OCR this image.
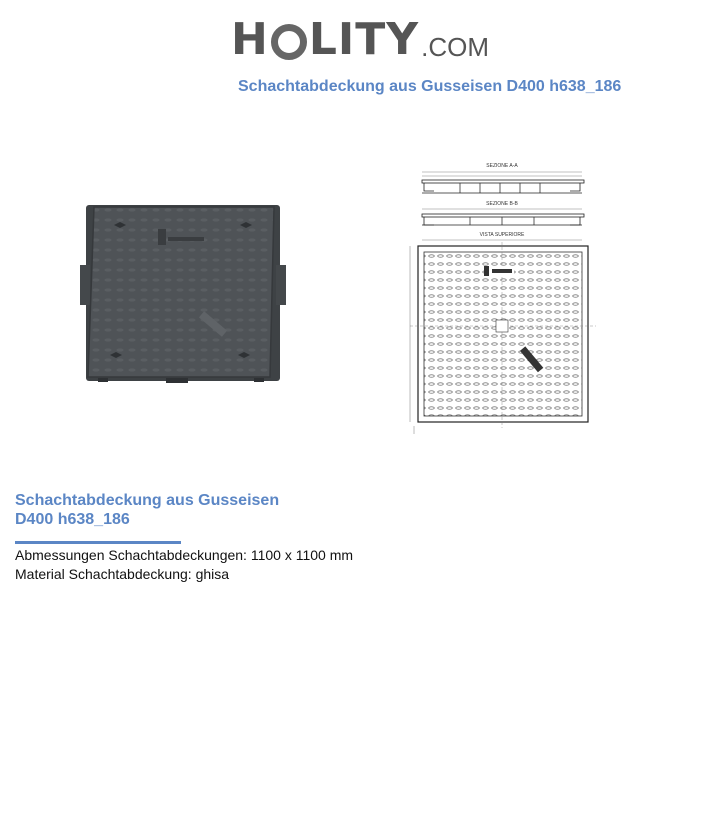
H LITY .COM
Schachtabdeckung aus Gusseisen D400 h638_186
SEZIONE A-A
SEZIONE B-B
VISTA SUPERIORE
Schachtabdeckung aus Gusseisen
D400 h638_186
Abmessungen Schachtabdeckungen: 1100 x 1100 mm
Material Schachtabdeckung: ghisa
